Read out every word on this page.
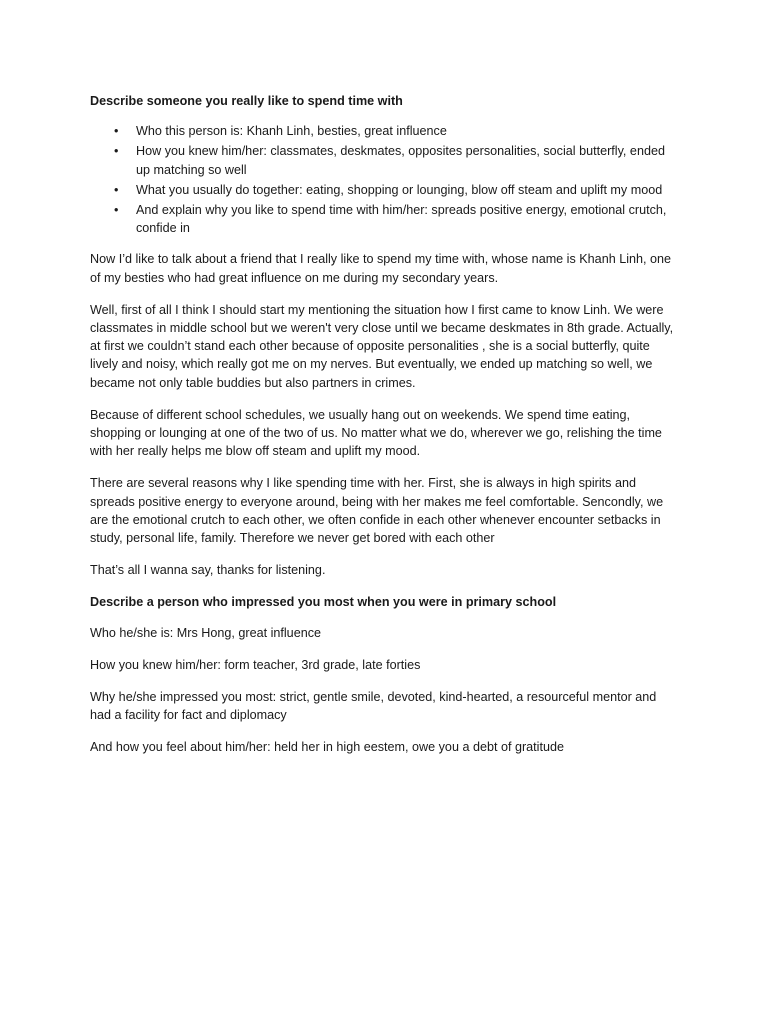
Describe someone you really like to spend time with

• Who this person is: Khanh Linh, besties, great influence
• How you knew him/her: classmates, deskmates, opposites personalities, social butterfly, ended up matching so well
• What you usually do together: eating, shopping or lounging, blow off steam and uplift my mood
• And explain why you like to spend time with him/her: spreads positive energy, emotional crutch, confide in

Now I’d like to talk about a friend that I really like to spend my time with, whose name is Khanh Linh, one of my besties who had great influence on me during my secondary years.

Well, first of all I think I should start my mentioning the situation how I first came to know Linh. We were classmates in middle school but we weren't very close until we became deskmates in 8th grade. Actually, at first we couldn’t stand each other because of opposite personalities , she is a social butterfly, quite lively and noisy, which really got me on my nerves. But eventually, we ended up matching so well, we became not only table buddies but also partners in crimes.

Because of different school schedules, we usually hang out on weekends. We spend time eating, shopping or lounging at one of the two of us. No matter what we do, wherever we go, relishing the time with her really helps me blow off steam and uplift my mood.

There are several reasons why I like spending time with her. First, she is always in high spirits and spreads positive energy to everyone around, being with her makes me feel comfortable. Sencondly, we are the emotional crutch to each other, we often confide in each other whenever encounter setbacks in study, personal life, family. Therefore we never get bored with each other

That’s all I wanna say, thanks for listening.

Describe a person who impressed you most when you were in primary school

Who he/she is: Mrs Hong, great influence

How you knew him/her: form teacher, 3rd grade, late forties

Why he/she impressed you most: strict, gentle smile, devoted, kind-hearted, a resourceful mentor and had a facility for fact and diplomacy

And how you feel about him/her: held her in high eestem, owe you a debt of gratitude
